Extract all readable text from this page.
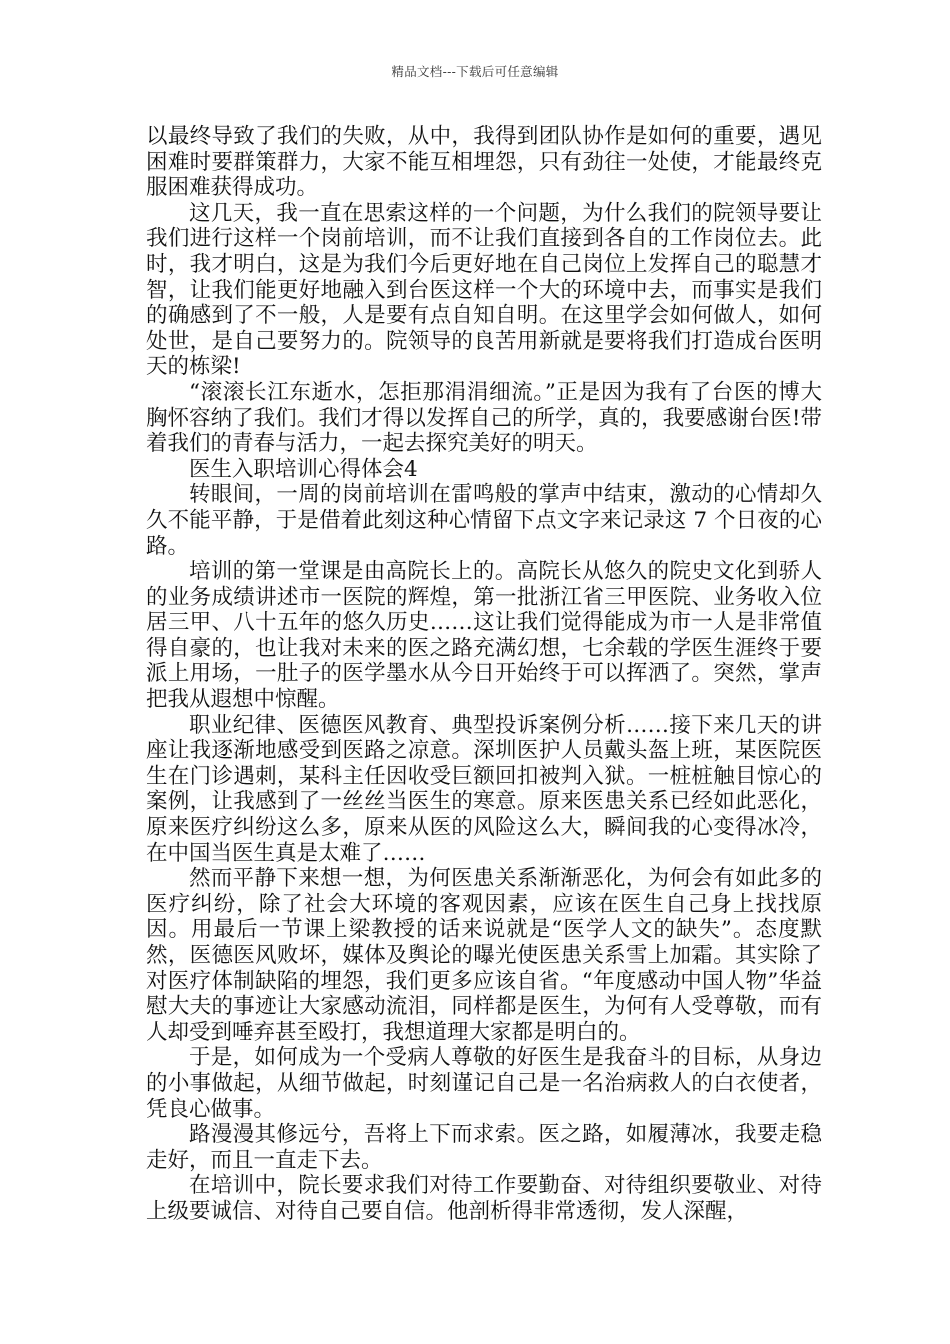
精品文档---下载后可任意编辑

以最终导致了我们的失败，从中，我得到团队协作是如何的重要，遇见困难时要群策群力，大家不能互相埋怨，只有劲往一处使，才能最终克服困难获得成功。

这几天，我一直在思索这样的一个问题，为什么我们的院领导要让我们进行这样一个岗前培训，而不让我们直接到各自的工作岗位去。此时，我才明白，这是为我们今后更好地在自己岗位上发挥自己的聪慧才智，让我们能更好地融入到台医这样一个大的环境中去，而事实是我们的确感到了不一般，人是要有点自知自明。在这里学会如何做人，如何处世，是自己要努力的。院领导的良苦用新就是要将我们打造成台医明天的栋梁!

“滚滚长江东逝水，怎拒那涓涓细流。”正是因为我有了台医的博大胸怀容纳了我们。我们才得以发挥自己的所学，真的，我要感谢台医!带着我们的青春与活力，一起去探究美好的明天。

医生入职培训心得体会4

转眼间，一周的岗前培训在雷鸣般的掌声中结束，激动的心情却久久不能平静，于是借着此刻这种心情留下点文字来记录这 7 个日夜的心路。

培训的第一堂课是由高院长上的。高院长从悠久的院史文化到骄人的业务成绩讲述市一医院的辉煌，第一批浙江省三甲医院、业务收入位居三甲、八十五年的悠久历史……这让我们觉得能成为市一人是非常值得自豪的，也让我对未来的医之路充满幻想，七余载的学医生涯终于要派上用场，一肚子的医学墨水从今日开始终于可以挥洒了。突然，掌声把我从遐想中惊醒。

职业纪律、医德医风教育、典型投诉案例分析……接下来几天的讲座让我逐渐地感受到医路之凉意。深圳医护人员戴头盔上班，某医院医生在门诊遇刺，某科主任因收受巨额回扣被判入狱。一桩桩触目惊心的案例，让我感到了一丝丝当医生的寒意。原来医患关系已经如此恶化，原来医疗纠纷这么多，原来从医的风险这么大，瞬间我的心变得冰冷，在中国当医生真是太难了……

然而平静下来想一想，为何医患关系渐渐恶化，为何会有如此多的医疗纠纷，除了社会大环境的客观因素，应该在医生自己身上找找原因。用最后一节课上梁教授的话来说就是“医学人文的缺失”。态度默然，医德医风败坏，媒体及舆论的曝光使医患关系雪上加霜。其实除了对医疗体制缺陷的埋怨，我们更多应该自省。“年度感动中国人物”华益慰大夫的事迹让大家感动流泪，同样都是医生，为何有人受尊敬，而有人却受到唾弃甚至殴打，我想道理大家都是明白的。

于是，如何成为一个受病人尊敬的好医生是我奋斗的目标，从身边的小事做起，从细节做起，时刻谨记自己是一名治病救人的白衣使者，凭良心做事。

路漫漫其修远兮，吾将上下而求索。医之路，如履薄冰，我要走稳走好，而且一直走下去。

在培训中，院长要求我们对待工作要勤奋、对待组织要敬业、对待上级要诚信、对待自己要自信。他剖析得非常透彻，发人深醒，
